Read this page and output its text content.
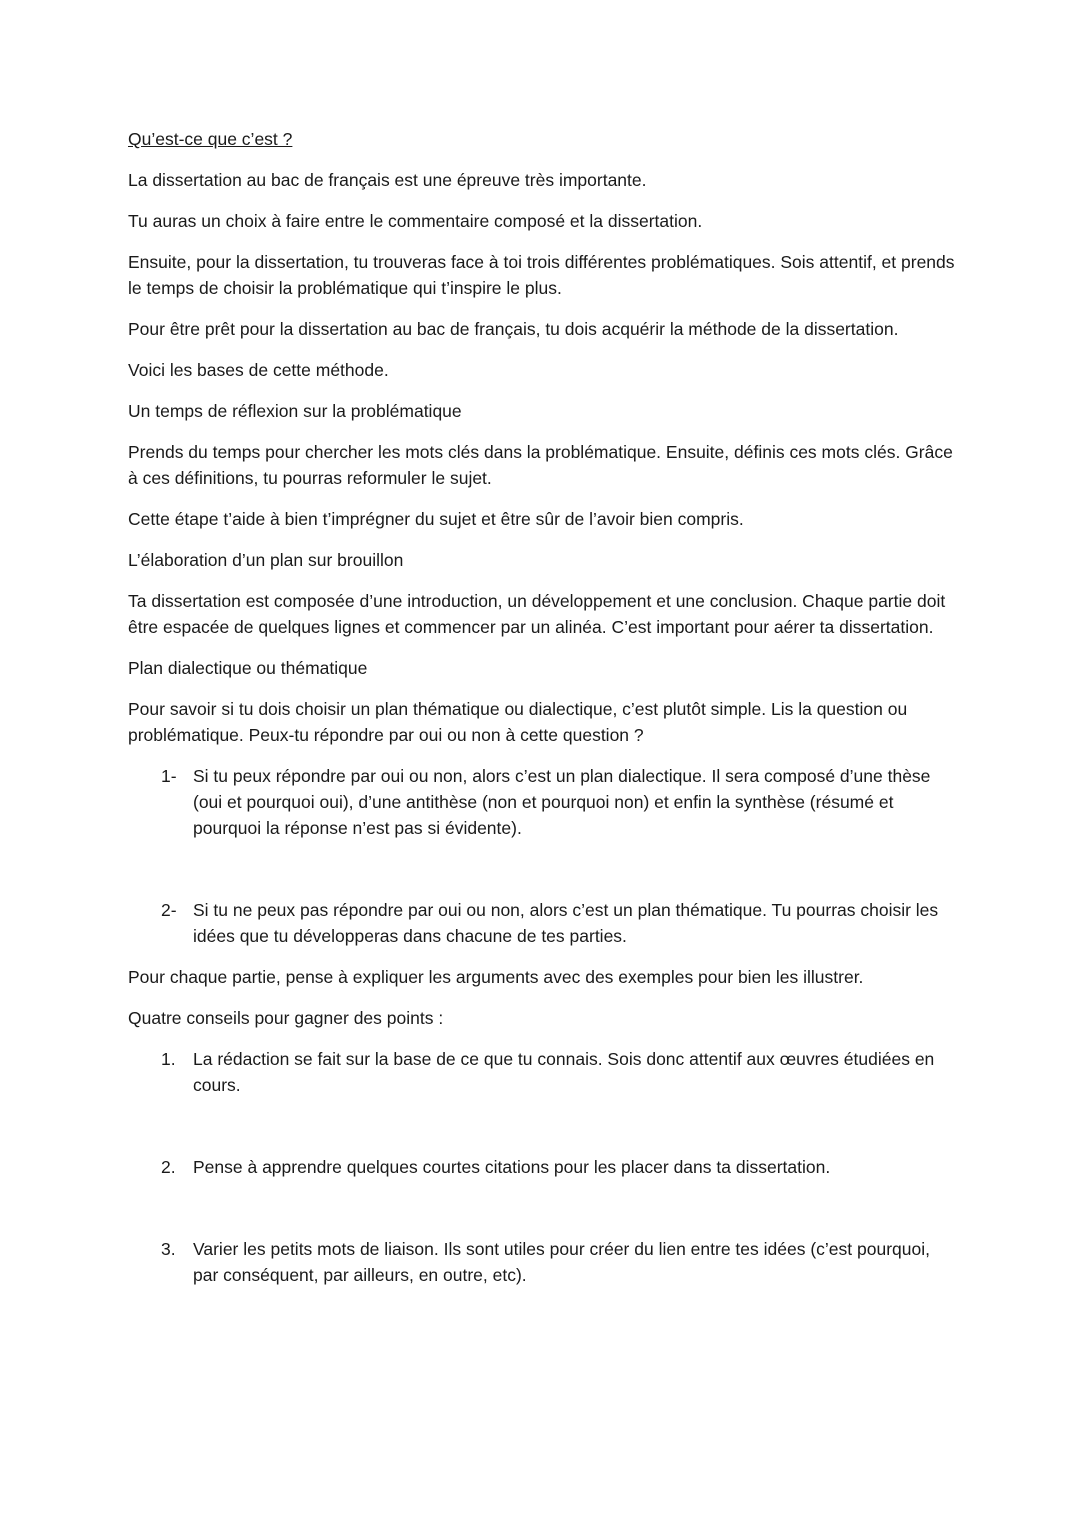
Qu’est-ce que c’est ?

La dissertation au bac de français est une épreuve très importante.

Tu auras un choix à faire entre le commentaire composé et la dissertation.

Ensuite, pour la dissertation, tu trouveras face à toi trois différentes problématiques. Sois attentif, et prends le temps de choisir la problématique qui t’inspire le plus.

Pour être prêt pour la dissertation au bac de français, tu dois acquérir la méthode de la dissertation.

Voici les bases de cette méthode.

Un temps de réflexion sur la problématique

Prends du temps pour chercher les mots clés dans la problématique. Ensuite, définis ces mots clés. Grâce à ces définitions, tu pourras reformuler le sujet.

Cette étape t’aide à bien t’imprégner du sujet et être sûr de l’avoir bien compris.

L’élaboration d’un plan sur brouillon

Ta dissertation est composée d’une introduction, un développement et une conclusion. Chaque partie doit être espacée de quelques lignes et commencer par un alinéa. C’est important pour aérer ta dissertation.

Plan dialectique ou thématique

Pour savoir si tu dois choisir un plan thématique ou dialectique, c’est plutôt simple. Lis la question ou problématique. Peux-tu répondre par oui ou non à cette question ?

1- Si tu peux répondre par oui ou non, alors c’est un plan dialectique. Il sera composé d’une thèse (oui et pourquoi oui), d’une antithèse (non et pourquoi non) et enfin la synthèse (résumé et pourquoi la réponse n’est pas si évidente).
2- Si tu ne peux pas répondre par oui ou non, alors c’est un plan thématique. Tu pourras choisir les idées que tu développeras dans chacune de tes parties.

Pour chaque partie, pense à expliquer les arguments avec des exemples pour bien les illustrer.

Quatre conseils pour gagner des points :

1. La rédaction se fait sur la base de ce que tu connais. Sois donc attentif aux œuvres étudiées en cours.
2. Pense à apprendre quelques courtes citations pour les placer dans ta dissertation.
3. Varier les petits mots de liaison. Ils sont utiles pour créer du lien entre tes idées (c’est pourquoi, par conséquent, par ailleurs, en outre, etc).
